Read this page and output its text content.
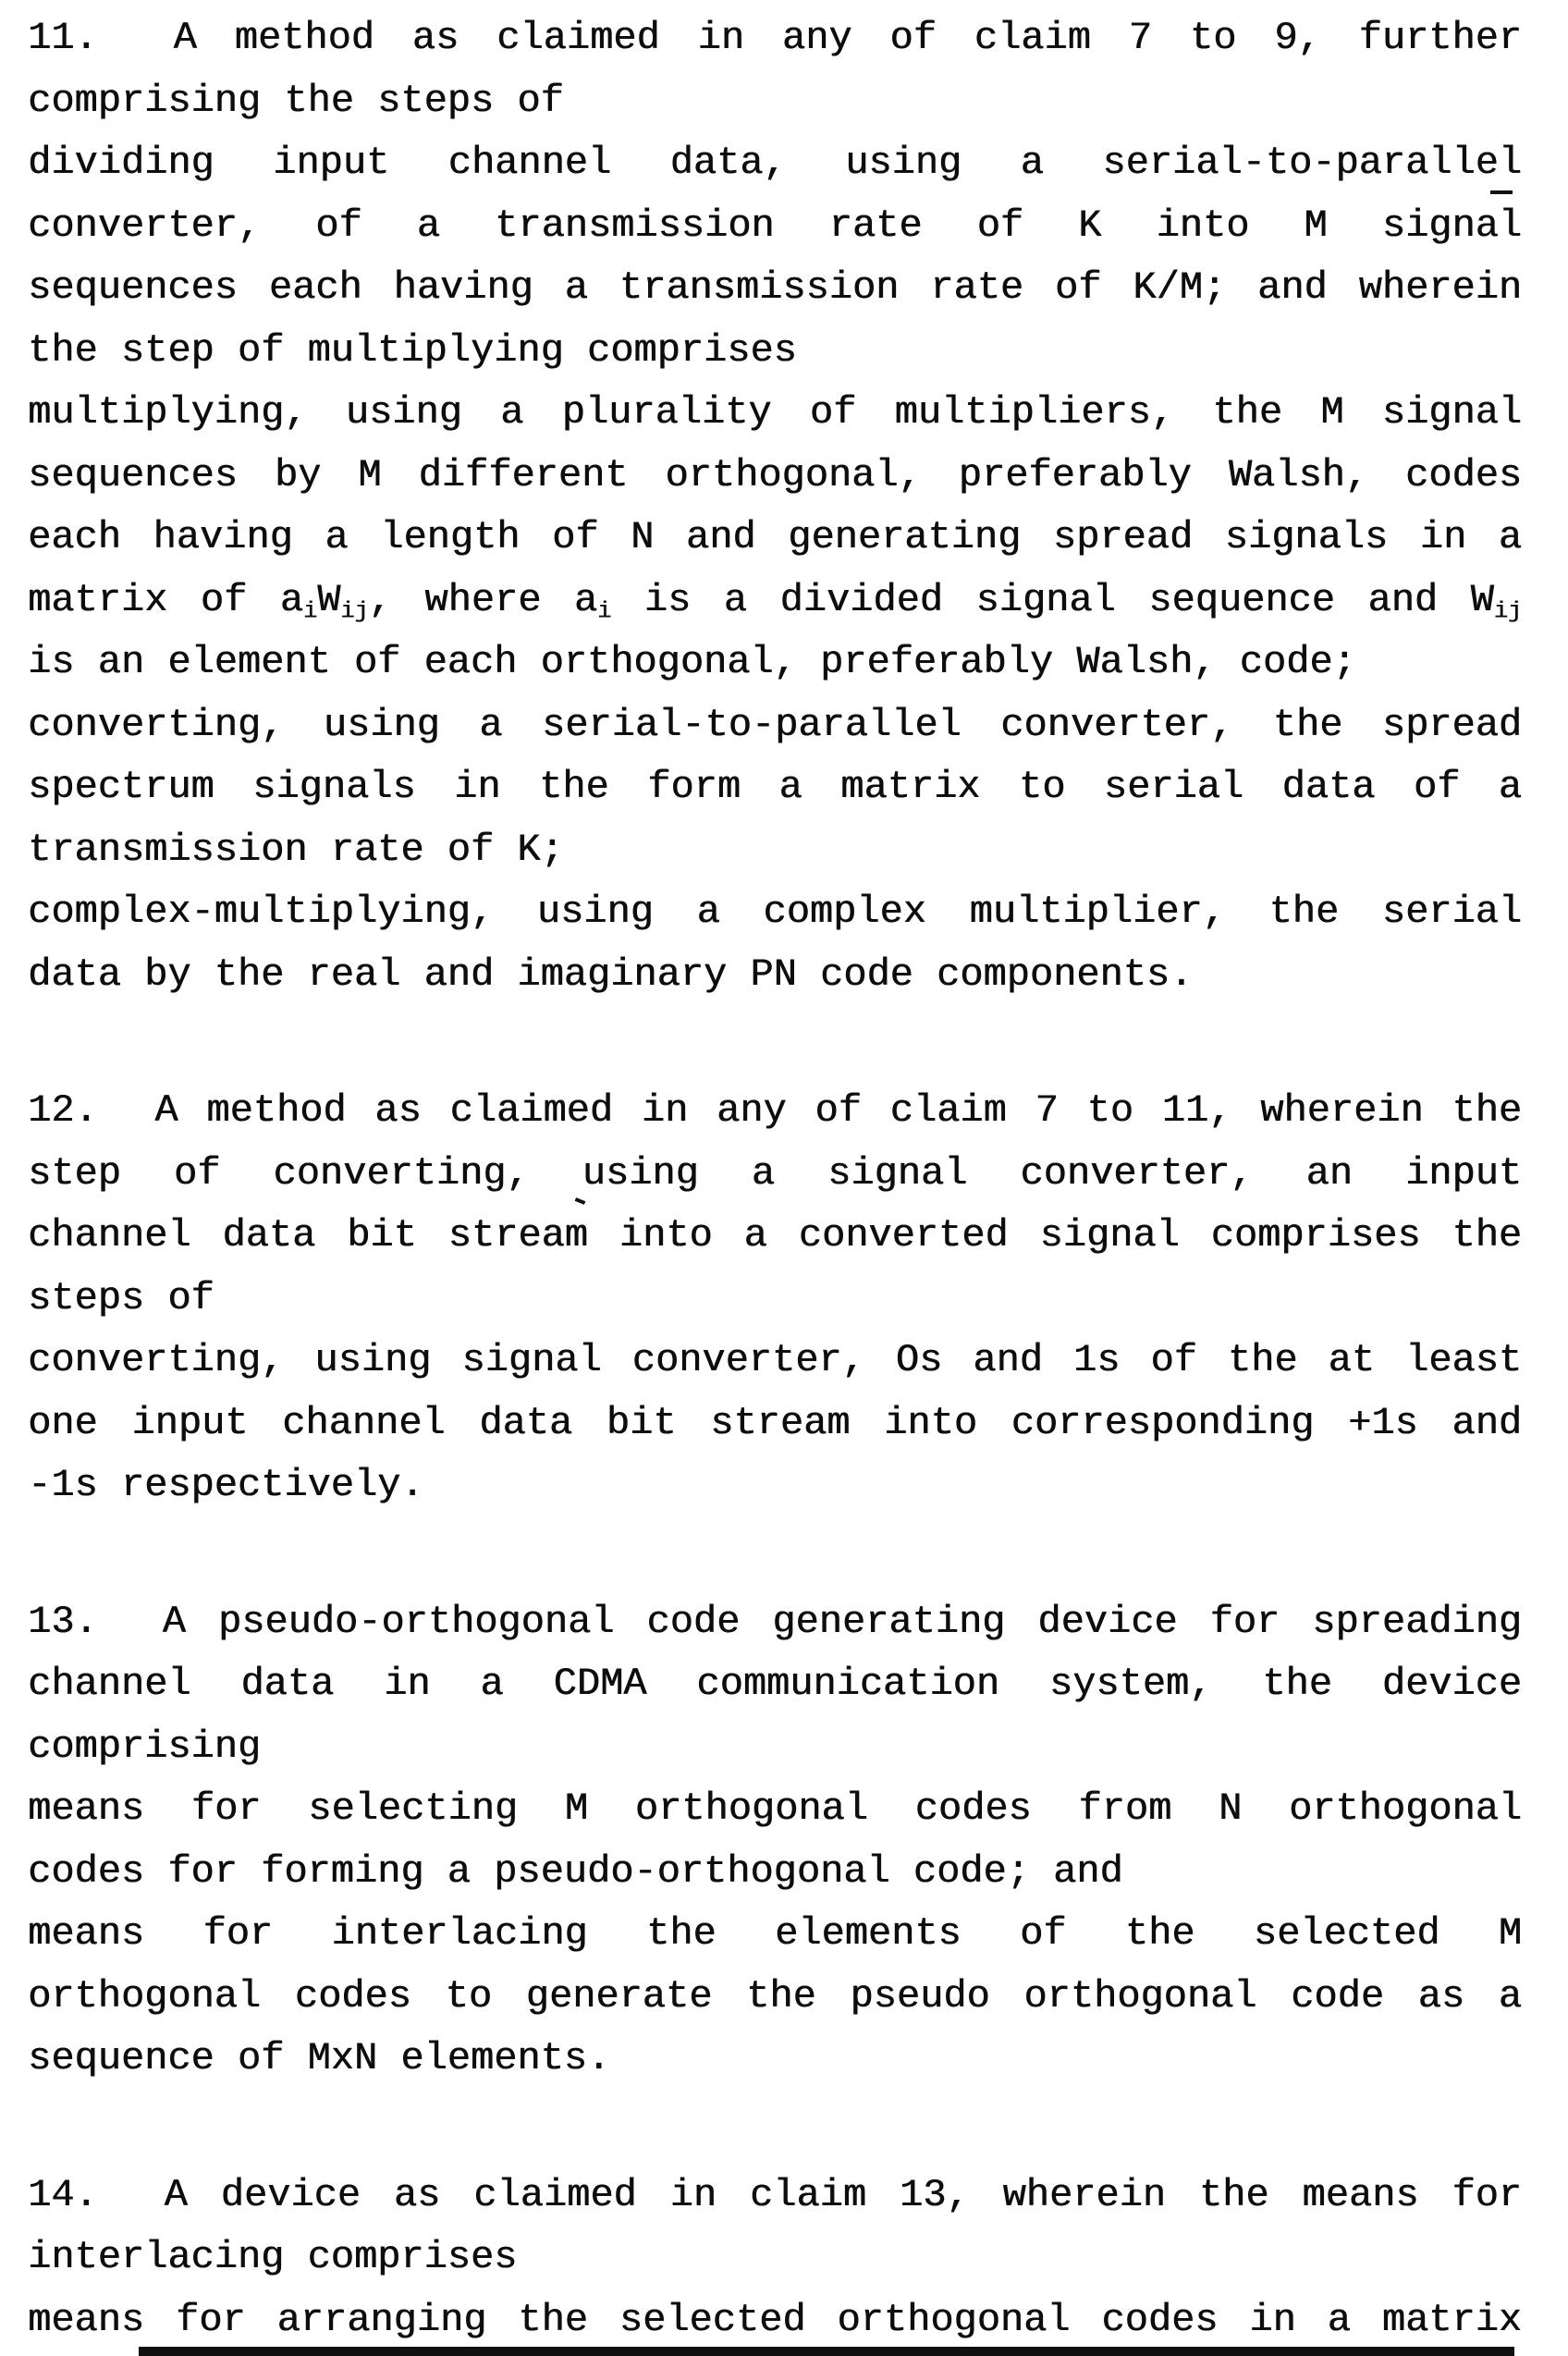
11.  A method as claimed in any of claim 7 to 9, further
comprising the steps of
dividing input channel data, using a serial-to-parallel
converter, of a transmission rate of K into M signal
sequences each having a transmission rate of K/M; and wherein
the step of multiplying comprises
multiplying, using a plurality of multipliers, the M signal
sequences by M different orthogonal, preferably Walsh, codes
each having a length of N and generating spread signals in a
matrix of $a_iW_{ij}$, where $a_i$ is a divided signal sequence and $W_{ij}$
is an element of each orthogonal, preferably Walsh, code;
converting, using a serial-to-parallel converter, the spread
spectrum signals in the form a matrix to serial data of a
transmission rate of K;
complex-multiplying, using a complex multiplier, the serial
data by the real and imaginary PN code components.
12.  A method as claimed in any of claim 7 to 11, wherein the
step of converting, using a signal converter, an input
channel data bit stream into a converted signal comprises the
steps of
converting, using signal converter, Os and 1s of the at least
one input channel data bit stream into corresponding +1s and
-1s respectively.
13.  A pseudo-orthogonal code generating device for spreading
channel data in a CDMA communication system, the device
comprising
means for selecting M orthogonal codes from N orthogonal
codes for forming a pseudo-orthogonal code; and
means for interlacing the elements of the selected M
orthogonal codes to generate the pseudo orthogonal code as a
sequence of MxN elements.
14.  A device as claimed in claim 13, wherein the means for
interlacing comprises
means for arranging the selected orthogonal codes in a matrix
